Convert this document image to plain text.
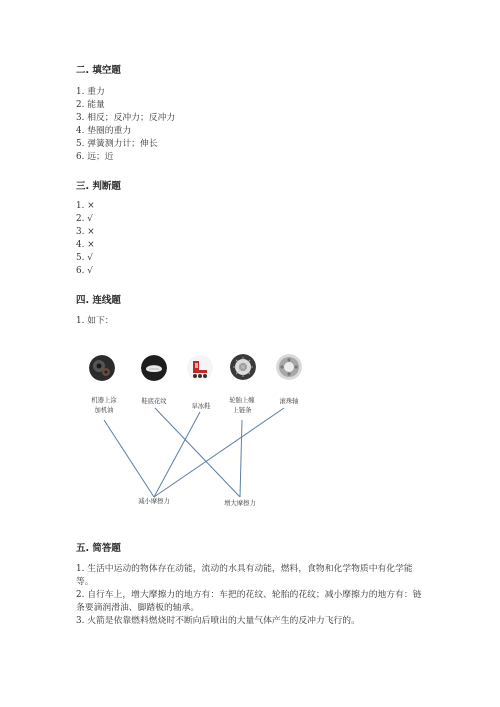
二. 填空题
1. 重力
2. 能量
3. 相反；反冲力；反冲力
4. 垫圈的重力
5. 弹簧测力计；伸长
6. 远；近
三. 判断题
1. ×
2. √
3. ×
4. ×
5. √
6. √
四. 连线题
1. 如下：
机器上涂
加机油
鞋底花纹
旱冰鞋
轮胎上缠
上链条
滚珠轴
减小摩擦力	增大摩擦力
五. 简答题

1. 生活中运动的物体存在动能，流动的水具有动能，燃料，食物和化学物质中有化学能等。

2. 自行车上，增大摩擦力的地方有：车把的花纹、轮胎的花纹；减小摩擦力的地方有：链条要滴润滑油、脚踏板的轴承。

3. 火箭是依靠燃料燃烧时不断向后喷出的大量气体产生的反冲力飞行的。
